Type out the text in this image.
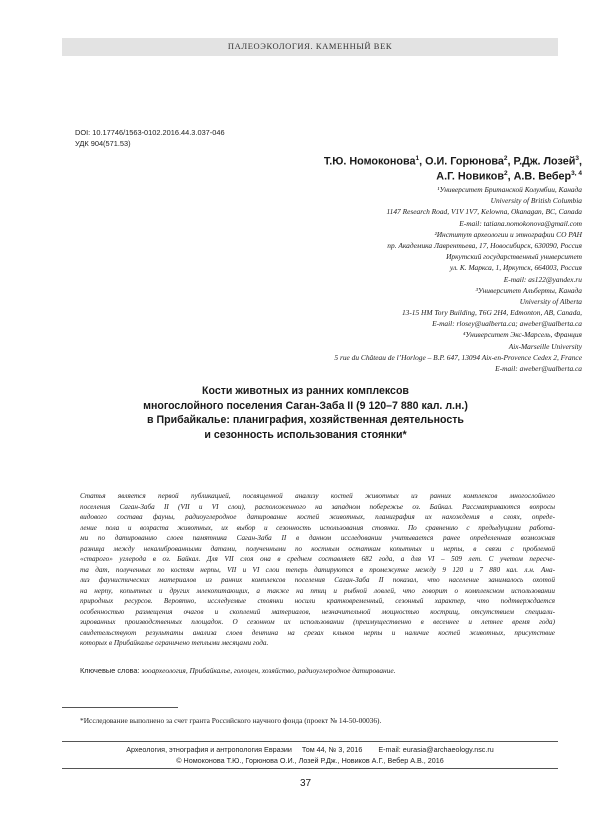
ПАЛЕОЭКОЛОГИЯ. КАМЕННЫЙ ВЕК
DOI: 10.17746/1563-0102.2016.44.3.037-046
УДК 904(571.53)
Т.Ю. Номоконова$^1$, О.И. Горюнова$^2$, Р.Дж. Лозей$^3$,
А.Г. Новиков$^2$, А.В. Вебер$^{3, 4}$
¹Университет Британской Колумбии, Канада
University of British Columbia
1147 Research Road, V1V 1V7, Kelowna, Okanagan, BC, Canada
E-mail: tatiana.nomokonova@gmail.com
²Институт археологии и этнографии СО РАН
пр. Академика Лаврентьева, 17, Новосибирск, 630090, Россия
Иркутский государственный университет
ул. К. Маркса, 1, Иркутск, 664003, Россия
E-mail: as122@yandex.ru
³Университет Альберты, Канада
University of Alberta
13-15 HM Tory Building, T6G 2H4, Edmonton, AB, Canada,
E-mail: rlosey@ualberta.ca; aweber@ualberta.ca
⁴Университет Экс-Марсель, Франция
Aix-Marseille University
5 rue du Château de l’Horloge – B.P. 647, 13094 Aix-en-Provence Cedex 2, France
E-mail: aweber@ualberta.ca
Кости животных из ранних комплексов
многослойного поселения Саган-Заба II (9 120–7 880 кал. л.н.)
в Прибайкалье: планиграфия, хозяйственная деятельность
и сезонность использования стоянки*
Статья является первой публикацией, посвященной анализу костей животных из ранних комплексов многослойного
поселения Саган-Заба II (VII и VI слои), расположенного на западном побережье оз. Байкал. Рассматриваются вопросы
видового состава фауны, радиоуглеродное датирование костей животных, планиграфия их нахождения в слоях, опреде-
ление пола и возраста животных, их выбор и сезонность использования стоянки. По сравнению с предыдущими работа-
ми по датированию слоев памятника Саган-Заба II в данном исследовании учитывается ранее определенная возможная
разница между некалиброванными датами, полученными по костным остаткам копытных и нерпы, в связи с проблемой
«старого» углерода в оз. Байкал. Для VII слоя она в среднем составляет 682 года, а для VI – 509 лет. С учетом пересче-
та дат, полученных по костям нерпы, VII и VI слои теперь датируются в промежутке между 9 120 и 7 880 кал. л.н. Ана-
лиз фаунистических материалов из ранних комплексов поселения Саган-Заба II показал, что население занималось охотой
на нерпу, копытных и других млекопитающих, а также на птиц и рыбной ловлей, что говорит о комплексном использовании
природных ресурсов. Вероятно, исследуемые стоянки носили кратковременный, сезонный характер, что подтверждается
особенностью размещения очагов и скоплений материалов, незначительной мощностью кострищ, отсутствием специали-
зированных производственных площадок. О сезонном их использовании (преимущественно в весеннее и летнее время года)
свидетельствуют результаты анализа слоев дентина на срезах клыков нерпы и наличие костей животных, присутствие
которых в Прибайкалье ограничено теплыми месяцами года.
Ключевые слова: зооархеология, Прибайкалье, голоцен, хозяйство, радиоуглеродное датирование.
*Исследование выполнено за счет гранта Российского научного фонда (проект № 14-50-00036).
Археология, этнография и антропология Евразии Том 44, № 3, 2016 E-mail: eurasia@archaeology.nsc.ru
© Номоконова Т.Ю., Горюнова О.И., Лозей Р.Дж., Новиков А.Г., Вебер А.В., 2016
37
